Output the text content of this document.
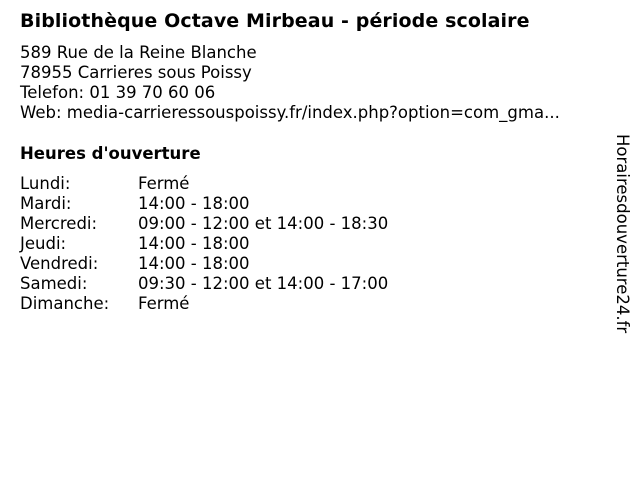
Bibliothèque Octave Mirbeau - période scolaire
589 Rue de la Reine Blanche
78955 Carrieres sous Poissy
Telefon: 01 39 70 60 06
Web: media-carrieressouspoissy.fr/index.php?option=com_gma...
Heures d'ouverture
Lundi:	Fermé
Mardi:	14:00 - 18:00
Mercredi: 09:00 - 12:00 et 14:00 - 18:30
Jeudi:	14:00 - 18:00
Vendredi: 14:00 - 18:00
Samedi:	09:30 - 12:00 et 14:00 - 17:00
Dimanche: Fermé	Horairesdouverture24.fr
